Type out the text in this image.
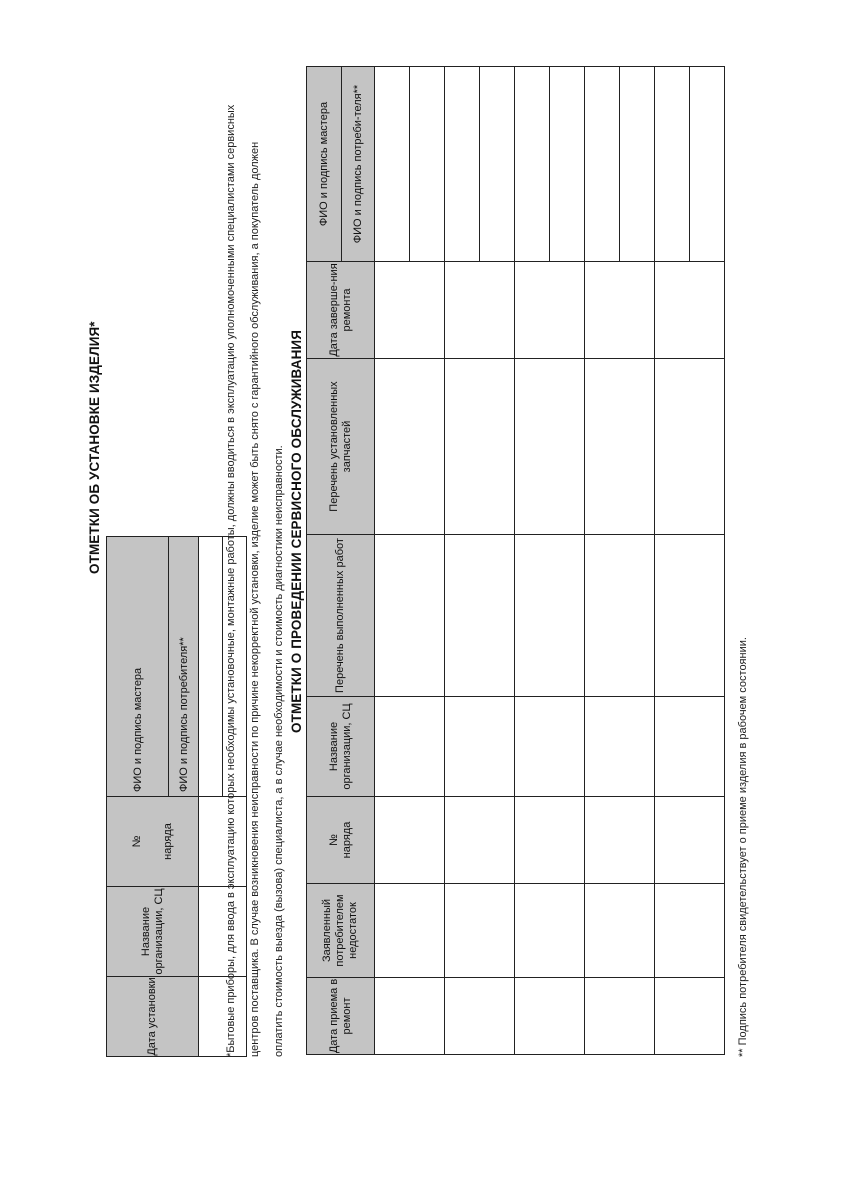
ОТМЕТКИ ОБ УСТАНОВКЕ ИЗДЕЛИЯ*
Дата установки	Название организации, СЦ	№ наряда	ФИО и подпись мастера
			ФИО и подпись потребителя**
				*Бытовые приборы, для ввода в эксплуатацию которых необходимы установочные, монтажные работы, должны вводиться в эксплуатацию уполномоченными специалистами сервисных центров поставщика. В случае возникновения неисправности по причине некорректной установки, изделие может быть снято с гарантийного обслуживания, а покупатель должен оплатить стоимость выезда (вызова) специалиста, а в случае необходимости и стоимость диагностики неисправности. ОТМЕТКИ О ПРОВЕДЕНИИ СЕРВИСНОГО ОБСЛУЖИВАНИЯ
Дата приема в ремонт	Заявленный потребителем недостаток	№ наряда	Название организации, СЦ	Перечень выполненных работ	Перечень установленных запчастей	Дата заверше-ния ремонта	ФИО и подпись мастера
							ФИО и подпись потреби-теля**

** Подпись потребителя свидетельствует о приеме изделия в рабочем состоянии.
